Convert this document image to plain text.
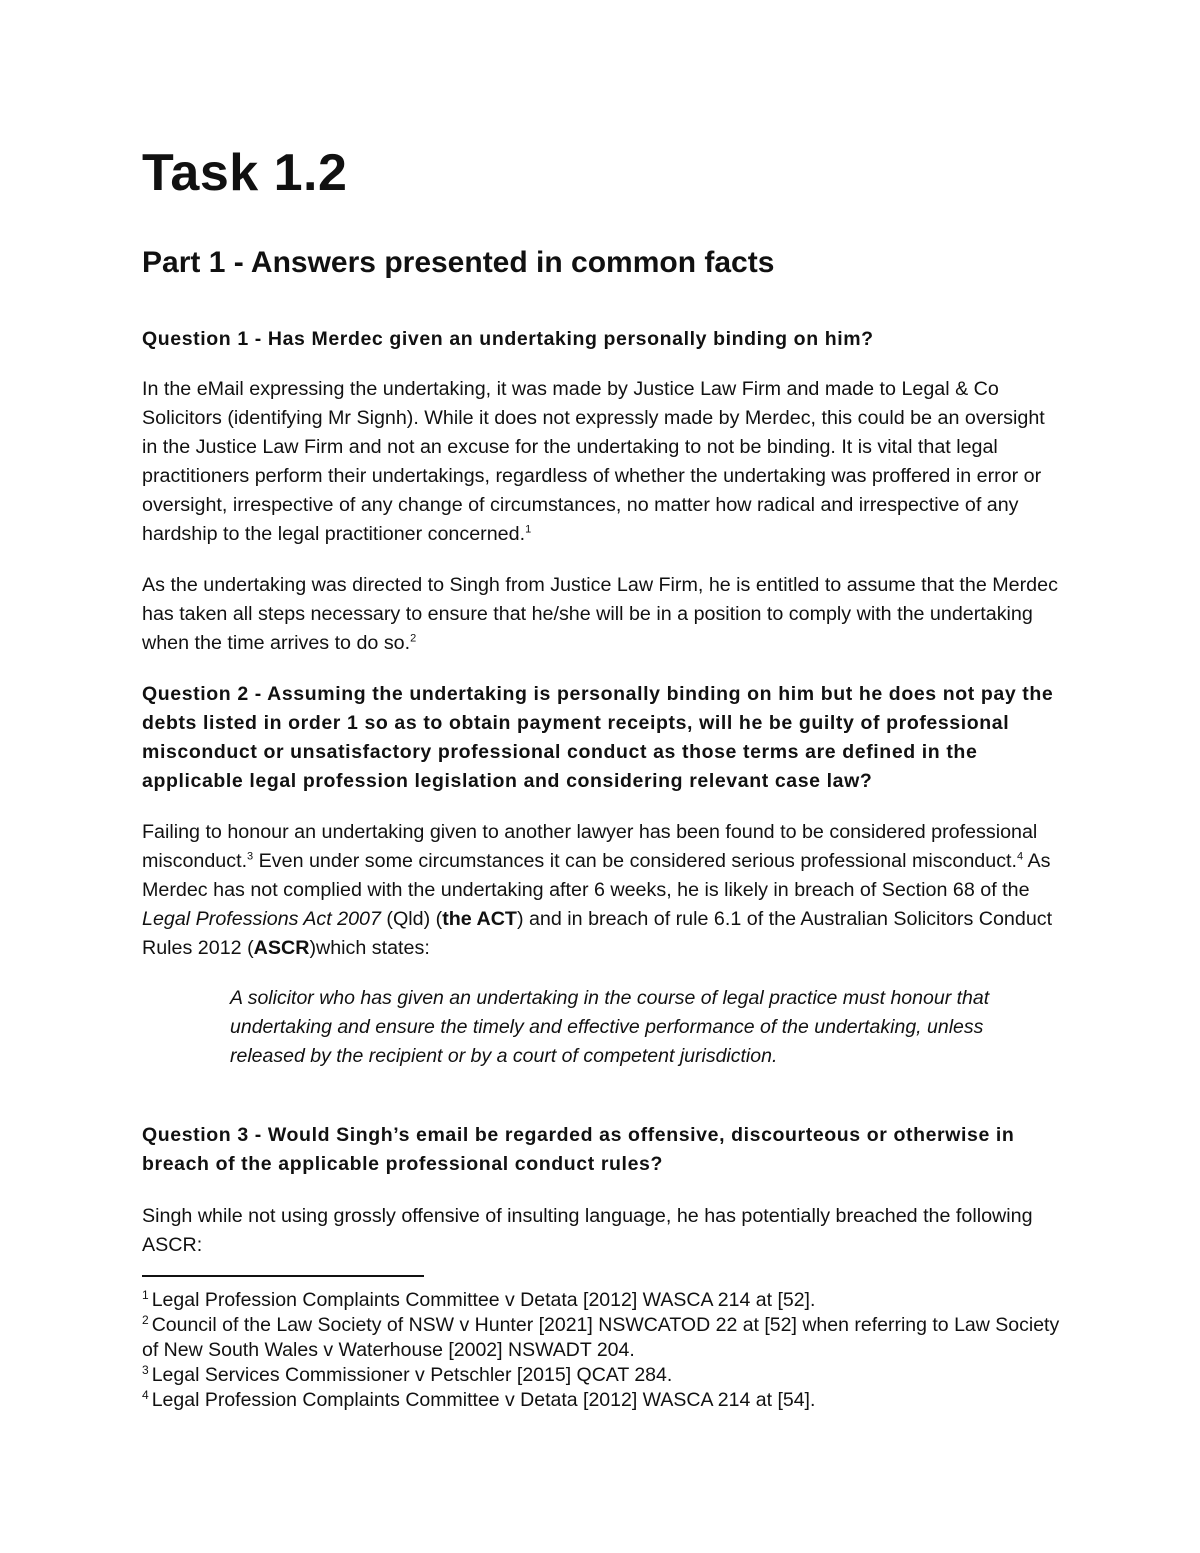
Task 1.2
Part 1 - Answers presented in common facts

Question 1 - Has Merdec given an undertaking personally binding on him?

In the eMail expressing the undertaking, it was made by Justice Law Firm and made to Legal & Co Solicitors (identifying Mr Signh). While it does not expressly made by Merdec, this could be an oversight in the Justice Law Firm and not an excuse for the undertaking to not be binding. It is vital that legal practitioners perform their undertakings, regardless of whether the undertaking was proffered in error or oversight, irrespective of any change of circumstances, no matter how radical and irrespective of any hardship to the legal practitioner concerned.$^1$

As the undertaking was directed to Singh from Justice Law Firm, he is entitled to assume that the Merdec has taken all steps necessary to ensure that he/she will be in a position to comply with the undertaking when the time arrives to do so.$^2$

Question 2 - Assuming the undertaking is personally binding on him but he does not pay the debts listed in order 1 so as to obtain payment receipts, will he be guilty of professional misconduct or unsatisfactory professional conduct as those terms are defined in the applicable legal profession legislation and considering relevant case law?

Failing to honour an undertaking given to another lawyer has been found to be considered professional misconduct.$^3$ Even under some circumstances it can be considered serious professional misconduct.$^4$ As Merdec has not complied with the undertaking after 6 weeks, he is likely in breach of Section 68 of the Legal Professions Act 2007 (Qld) (the ACT) and in breach of rule 6.1 of the Australian Solicitors Conduct Rules 2012 (ASCR)which states:

A solicitor who has given an undertaking in the course of legal practice must honour that undertaking and ensure the timely and effective performance of the undertaking, unless released by the recipient or by a court of competent jurisdiction.

Question 3 - Would Singh’s email be regarded as offensive, discourteous or otherwise in breach of the applicable professional conduct rules?

Singh while not using grossly offensive of insulting language, he has potentially breached the following ASCR:

$^1$ Legal Profession Complaints Committee v Detata [2012] WASCA 214 at [52].

$^2$ Council of the Law Society of NSW v Hunter [2021] NSWCATOD 22 at [52] when referring to Law Society of New South Wales v Waterhouse [2002] NSWADT 204.

$^3$ Legal Services Commissioner v Petschler [2015] QCAT 284.

$^4$ Legal Profession Complaints Committee v Detata [2012] WASCA 214 at [54].
